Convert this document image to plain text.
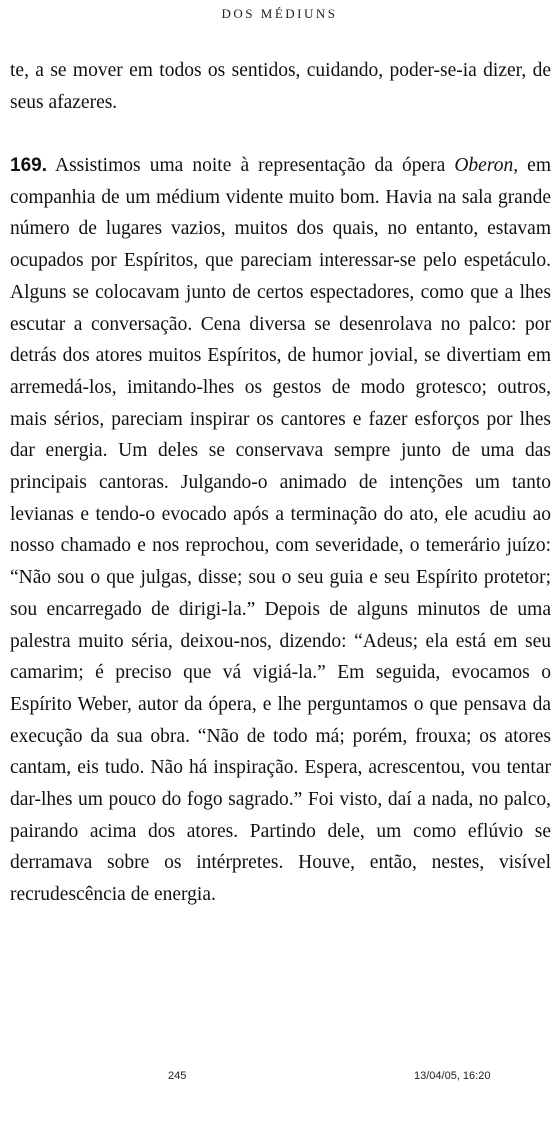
DOS MÉDIUNS

te, a se mover em todos os sentidos, cuidando, poder-se-ia dizer, de seus afazeres.

169. Assistimos uma noite à representação da ópera Oberon, em companhia de um médium vidente muito bom. Havia na sala grande número de lugares vazios, muitos dos quais, no entanto, estavam ocupados por Espíritos, que pareciam interessar-se pelo espetáculo. Alguns se colocavam junto de certos espectadores, como que a lhes escutar a conversação. Cena diversa se desenrolava no palco: por detrás dos atores muitos Espíritos, de humor jovial, se divertiam em arremedá-los, imitando-lhes os gestos de modo grotesco; outros, mais sérios, pareciam inspirar os cantores e fazer esforços por lhes dar energia. Um deles se conservava sempre junto de uma das principais cantoras. Julgando-o animado de intenções um tanto levianas e tendo-o evocado após a terminação do ato, ele acudiu ao nosso chamado e nos reprochou, com severidade, o temerário juízo: “Não sou o que julgas, disse; sou o seu guia e seu Espírito protetor; sou encarregado de dirigi-la.” Depois de alguns minutos de uma palestra muito séria, deixou-nos, dizendo: “Adeus; ela está em seu camarim; é preciso que vá vigiá-la.” Em seguida, evocamos o Espírito Weber, autor da ópera, e lhe perguntamos o que pensava da execução da sua obra. “Não de todo má; porém, frouxa; os atores cantam, eis tudo. Não há inspiração. Espera, acrescentou, vou tentar dar-lhes um pouco do fogo sagrado.” Foi visto, daí a nada, no palco, pairando acima dos atores. Partindo dele, um como eflúvio se derramava sobre os intérpretes. Houve, então, nestes, visível recrudescência de energia.

245	13/04/05, 16:20
